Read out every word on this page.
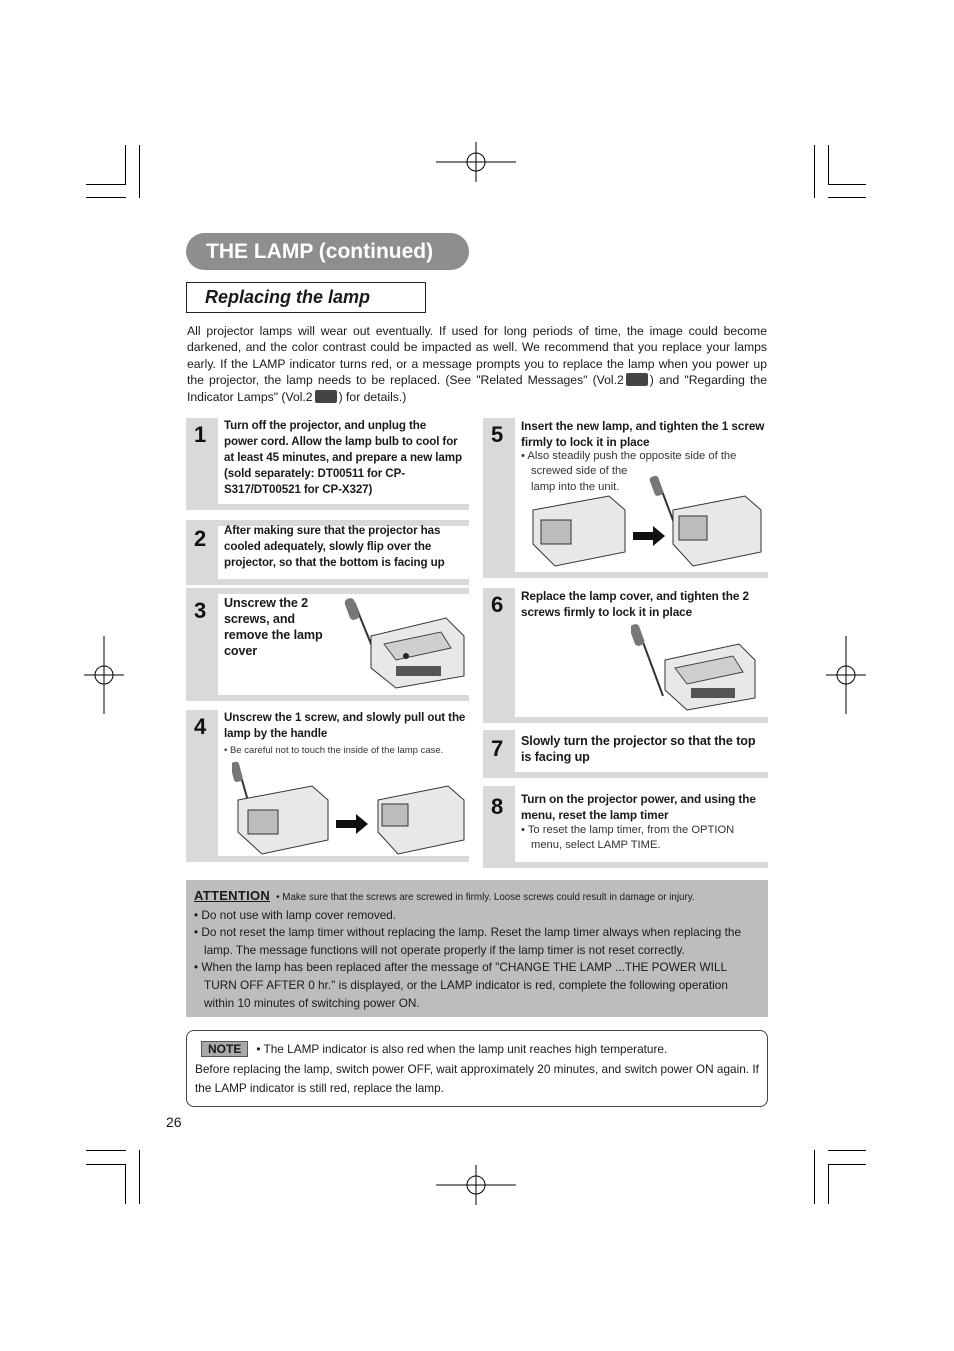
THE LAMP (continued)
Replacing the lamp
All projector lamps will wear out eventually. If used for long periods of time, the image could become darkened, and the color contrast could be impacted as well. We recommend that you replace your lamps early. If the LAMP indicator turns red, or a message prompts you to replace the lamp when you power up the projector, the lamp needs to be replaced. (See "Related Messages" (Vol.2 ) and "Regarding the Indicator Lamps" (Vol.2 ) for details.)
1 Turn off the projector, and unplug the power cord. Allow the lamp bulb to cool for at least 45 minutes, and prepare a new lamp (sold separately: DT00511 for CP-S317/DT00521 for CP-X327)
2 After making sure that the projector has cooled adequately, slowly flip over the projector, so that the bottom is facing up
3 Unscrew the 2 screws, and remove the lamp cover
4 Unscrew the 1 screw, and slowly pull out the lamp by the handle
• Be careful not to touch the inside of the lamp case.
5 Insert the new lamp, and tighten the 1 screw firmly to lock it in place
• Also steadily push the opposite side of the
screwed side of the
lamp into the unit.
6 Replace the lamp cover, and tighten the 2 screws firmly to lock it in place
7 Slowly turn the projector so that the top is facing up
8 Turn on the projector power, and using the menu, reset the lamp timer
• To reset the lamp timer, from the OPTION
menu, select LAMP TIME.
ATTENTION • Make sure that the screws are screwed in firmly. Loose screws could result in damage or injury.
• Do not use with lamp cover removed.
• Do not reset the lamp timer without replacing the lamp. Reset the lamp timer always when replacing the lamp. The message functions will not operate properly if the lamp timer is not reset correctly.
• When the lamp has been replaced after the message of "CHANGE THE LAMP ...THE POWER WILL TURN OFF AFTER 0 hr." is displayed, or the LAMP indicator is red, complete the following operation within 10 minutes of switching power ON.
NOTE • The LAMP indicator is also red when the lamp unit reaches high temperature.
Before replacing the lamp, switch power OFF, wait approximately 20 minutes, and switch power ON again. If the LAMP indicator is still red, replace the lamp.
26
